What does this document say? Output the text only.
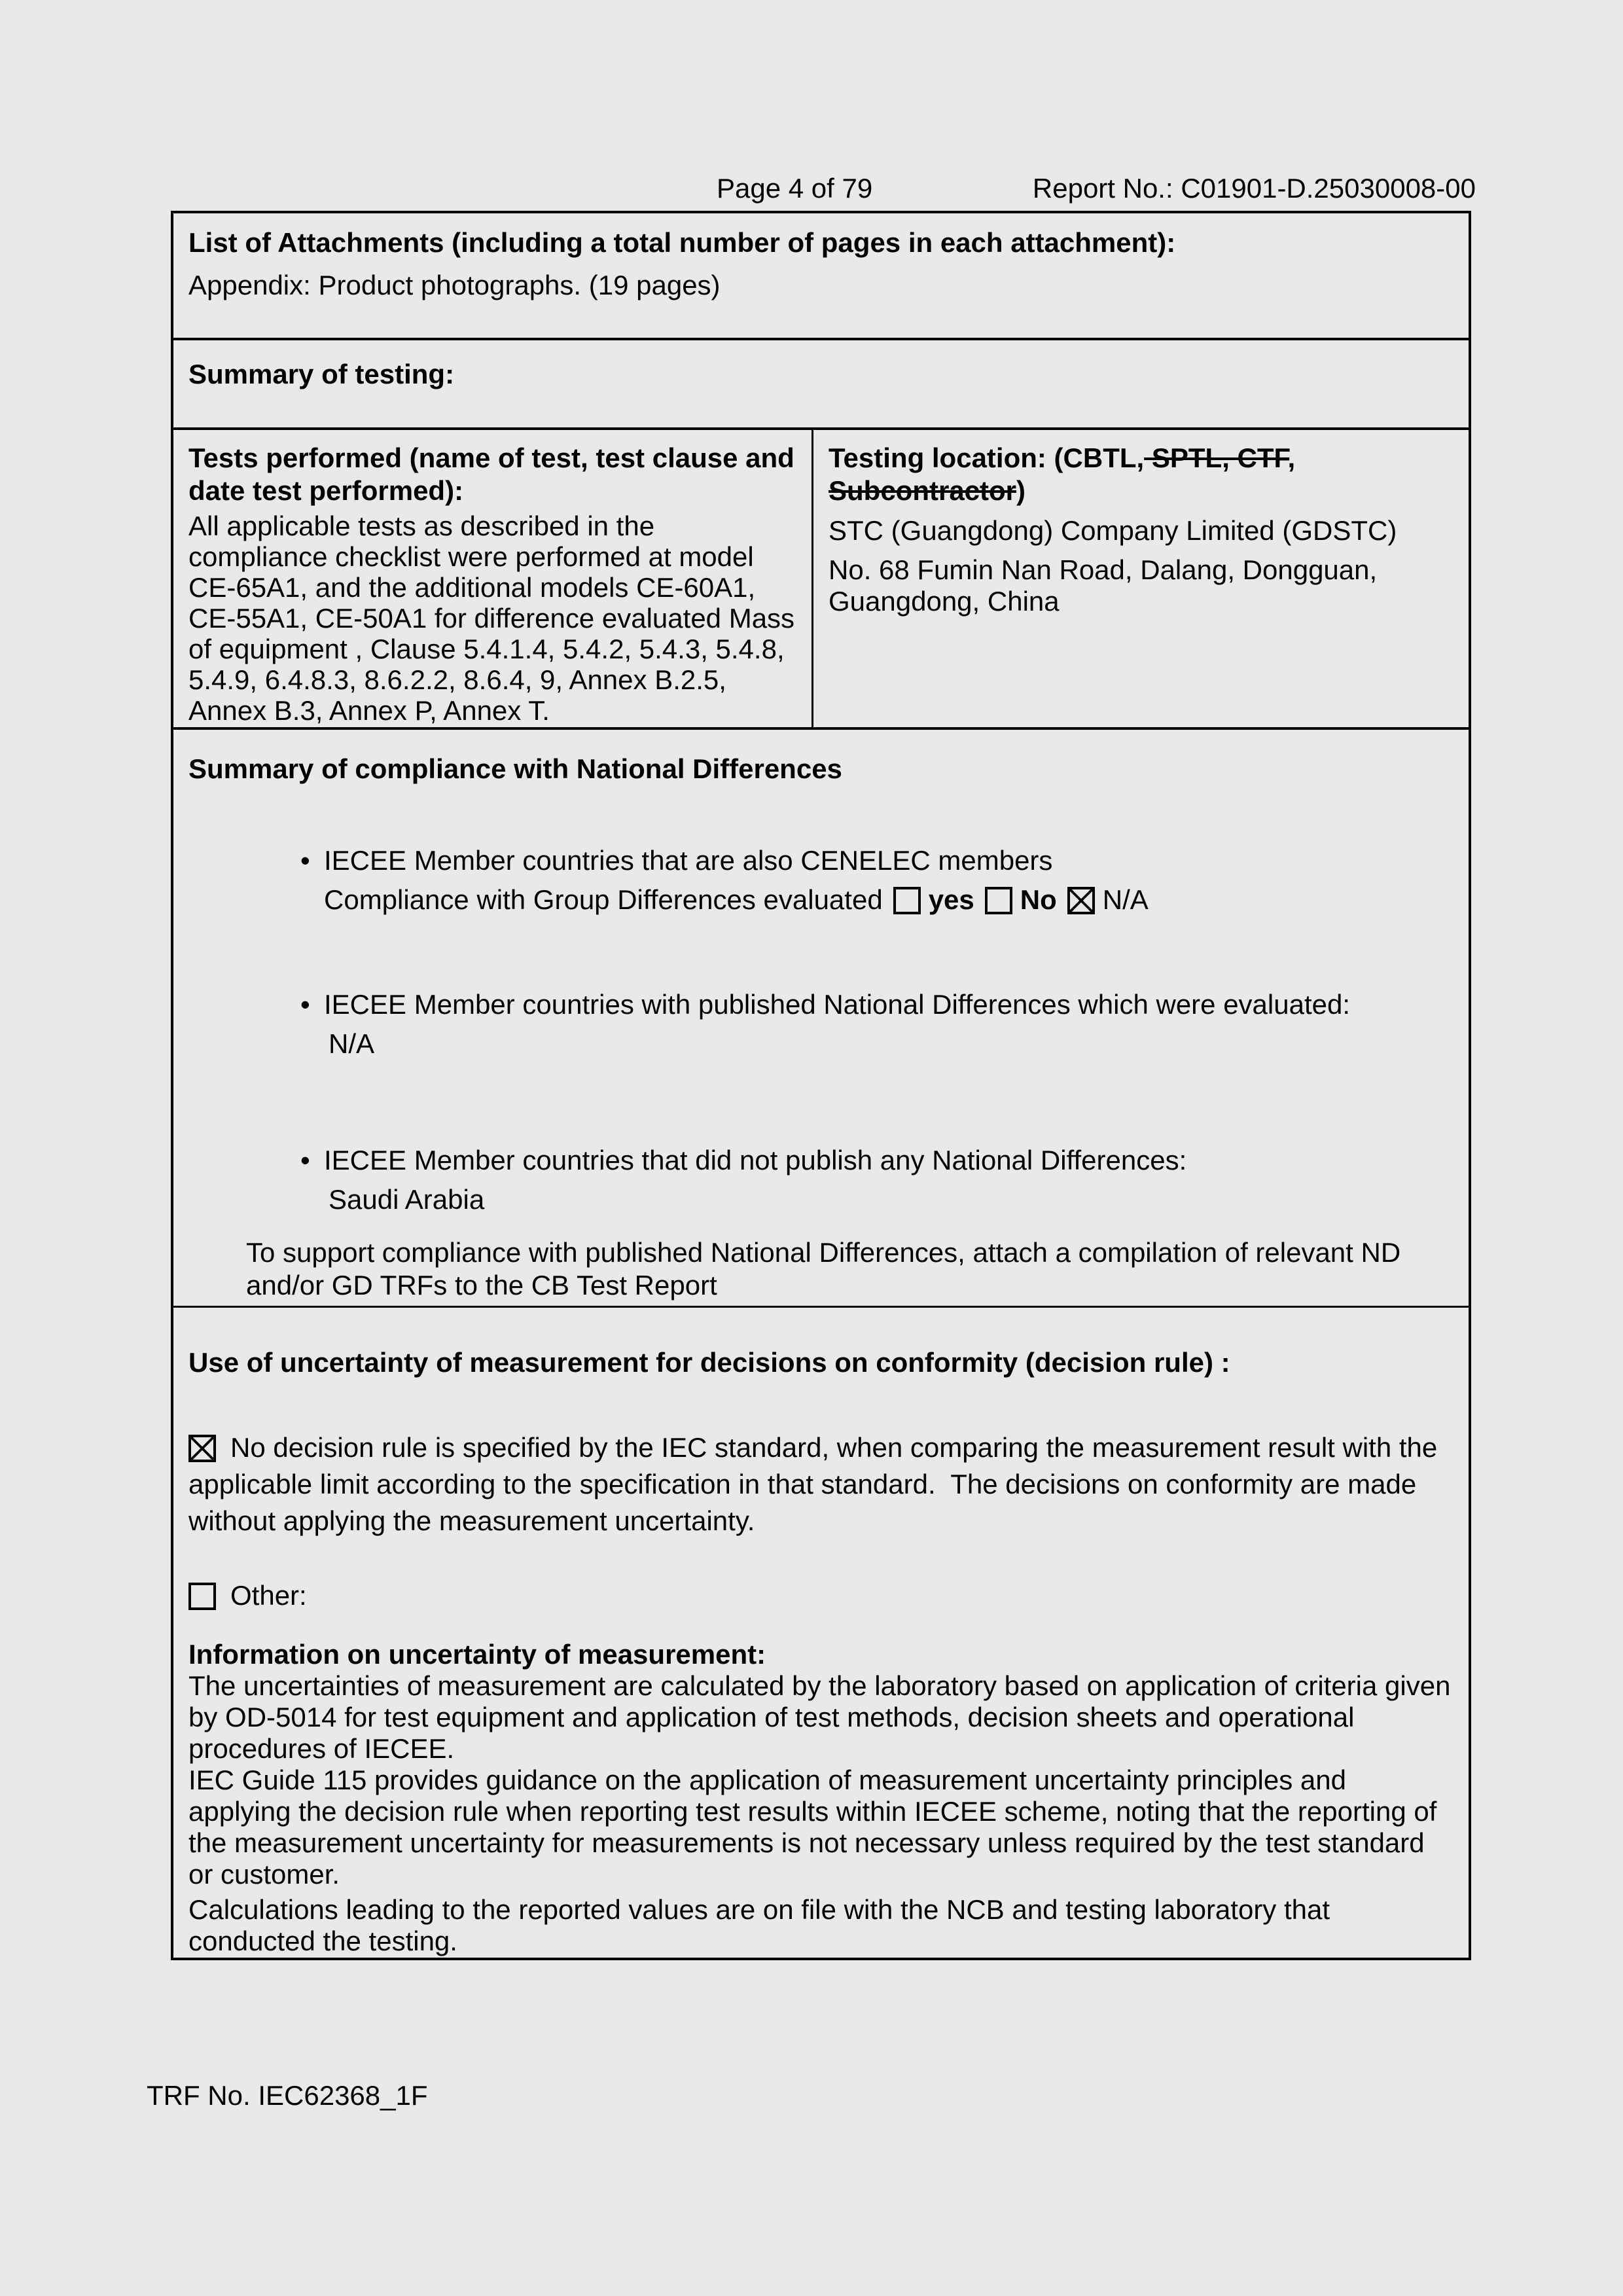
Page 4 of 79	Report No.: C01901-D.25030008-00
List of Attachments (including a total number of pages in each attachment):
Appendix: Product photographs. (19 pages)
Summary of testing:
Tests performed (name of test, test clause and date test performed):
All applicable tests as described in the compliance checklist were performed at model CE-65A1, and the additional models CE-60A1, CE-55A1, CE-50A1 for difference evaluated Mass of equipment , Clause 5.4.1.4, 5.4.2, 5.4.3, 5.4.8, 5.4.9, 6.4.8.3, 8.6.2.2, 8.6.4, 9, Annex B.2.5, Annex B.3, Annex P, Annex T.
Testing location: (CBTL, SPTL, CTF, Subcontractor)
STC (Guangdong) Company Limited (GDSTC)
No. 68 Fumin Nan Road, Dalang, Dongguan, Guangdong, China
Summary of compliance with National Differences
• IECEE Member countries that are also CENELEC members
Compliance with Group Differences evaluated yes No N/A
• IECEE Member countries with published National Differences which were evaluated:
N/A
• IECEE Member countries that did not publish any National Differences:
Saudi Arabia
To support compliance with published National Differences, attach a compilation of relevant ND and/or GD TRFs to the CB Test Report
Use of uncertainty of measurement for decisions on conformity (decision rule) :
No decision rule is specified by the IEC standard, when comparing the measurement result with the applicable limit according to the specification in that standard.  The decisions on conformity are made without applying the measurement uncertainty.
Other:
Information on uncertainty of measurement:
The uncertainties of measurement are calculated by the laboratory based on application of criteria given by OD-5014 for test equipment and application of test methods, decision sheets and operational procedures of IECEE.
IEC Guide 115 provides guidance on the application of measurement uncertainty principles and applying the decision rule when reporting test results within IECEE scheme, noting that the reporting of the measurement uncertainty for measurements is not necessary unless required by the test standard or customer.
Calculations leading to the reported values are on file with the NCB and testing laboratory that conducted the testing.
TRF No. IEC62368_1F
